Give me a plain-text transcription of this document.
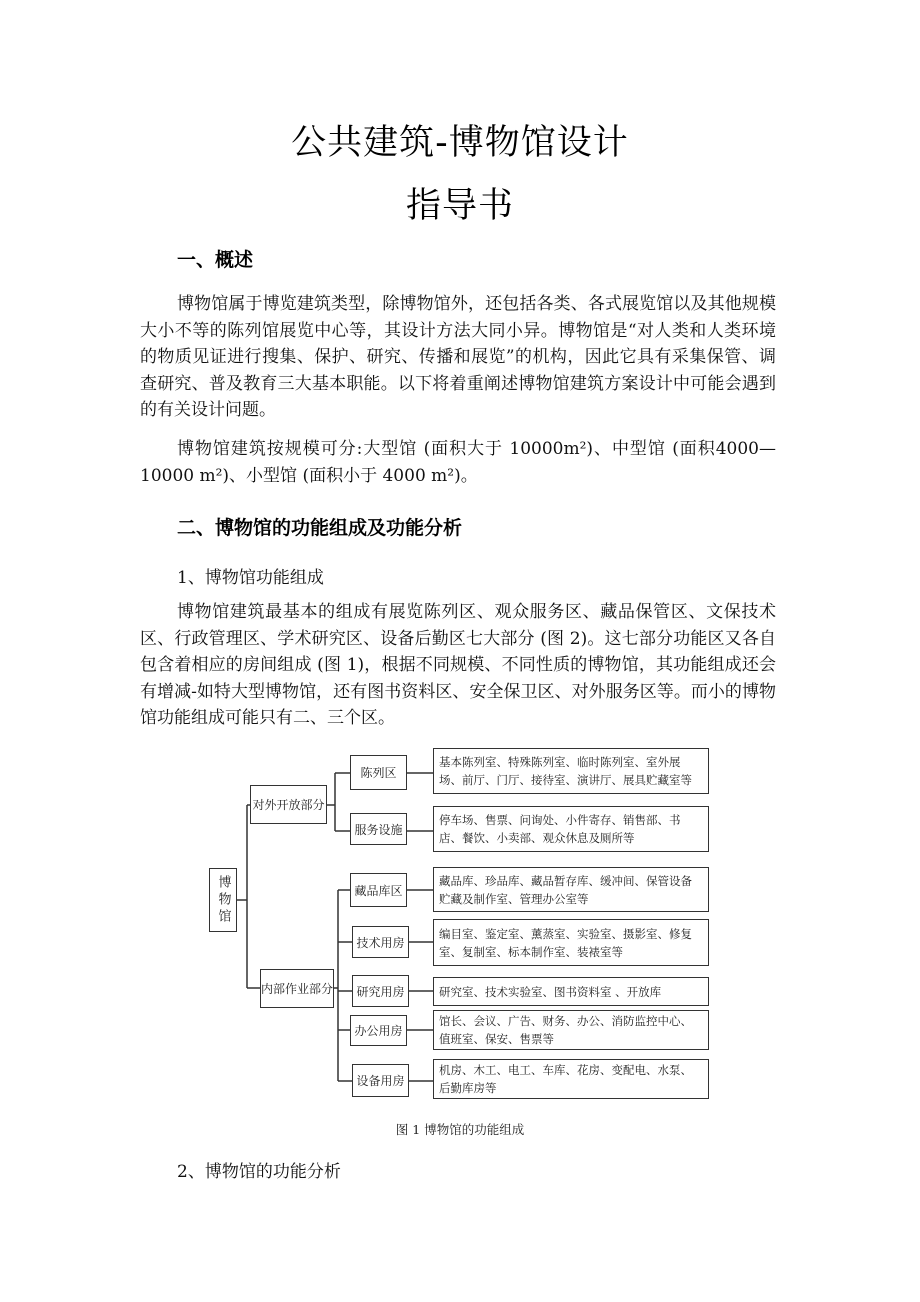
公共建筑-博物馆设计
指导书
一、概述
博物馆属于博览建筑类型，除博物馆外，还包括各类、各式展览馆以及其他规模大小不等的陈列馆展览中心等，其设计方法大同小异。博物馆是“对人类和人类环境的物质见证进行搜集、保护、研究、传播和展览”的机构，因此它具有采集保管、调查研究、普及教育三大基本职能。以下将着重阐述博物馆建筑方案设计中可能会遇到的有关设计问题。
博物馆建筑按规模可分:大型馆 (面积大于 10000m²)、中型馆 (面积4000—10000 m²)、小型馆 (面积小于 4000 m²)。
二、博物馆的功能组成及功能分析
1、博物馆功能组成
博物馆建筑最基本的组成有展览陈列区、观众服务区、藏品保管区、文保技术区、行政管理区、学术研究区、设备后勤区七大部分 (图 2)。这七部分功能区又各自包含着相应的房间组成 (图 1)，根据不同规模、不同性质的博物馆，其功能组成还会有增减-如特大型博物馆，还有图书资料区、安全保卫区、对外服务区等。而小的博物馆功能组成可能只有二、三个区。
博物馆
对外开放部分
内部作业部分
陈列区
服务设施
藏品库区
技术用房
研究用房
办公用房
设备用房
基本陈列室、特殊陈列室、临时陈列室、室外展场、前厅、门厅、接待室、演讲厅、展具贮藏室等
停车场、售票、问询处、小件寄存、销售部、书店、餐饮、小卖部、观众休息及厕所等
藏品库、珍品库、藏品暂存库、缓冲间、保管设备贮藏及制作室、管理办公室等
编目室、鉴定室、薰蒸室、实验室、摄影室、修复室、复制室、标本制作室、装裱室等
研究室、技术实验室、图书资料室 、开放库
馆长、会议、广告、财务、办公、消防监控中心、值班室、保安、售票等
机房、木工、电工、车库、花房、变配电、水泵、后勤库房等
图 1 博物馆的功能组成
2、博物馆的功能分析
